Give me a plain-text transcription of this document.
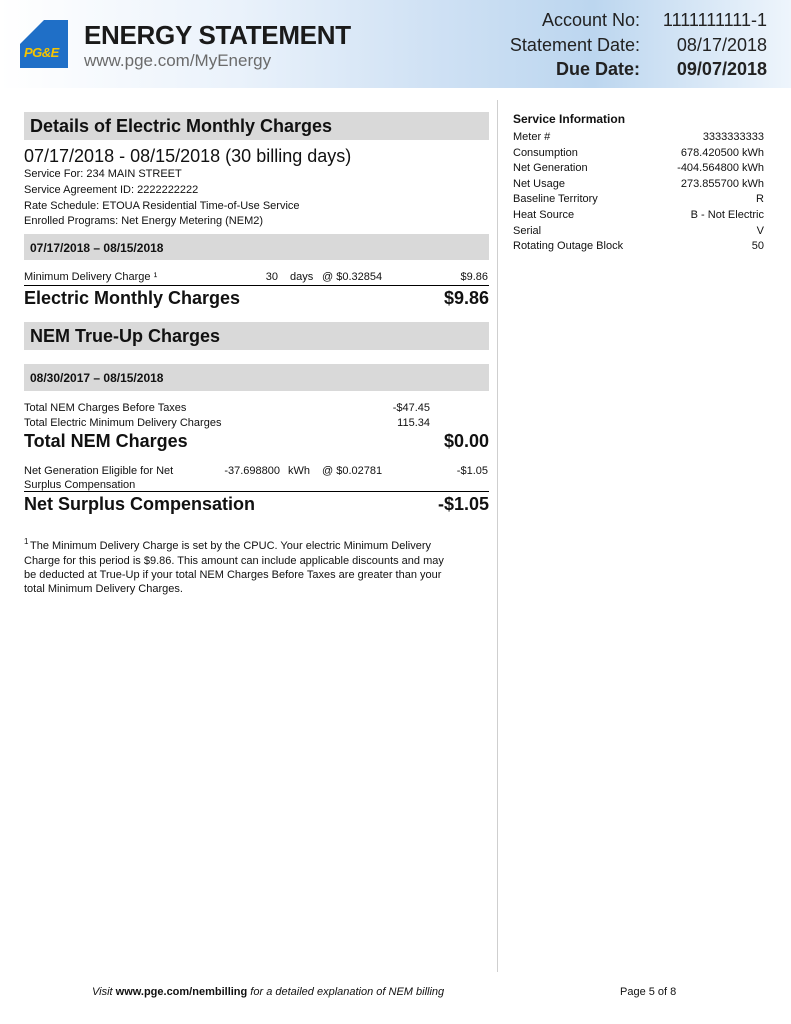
PG&E
ENERGY STATEMENT
www.pge.com/MyEnergy
Account No:	1111111111-1
Statement Date:	08/17/2018
Due Date:	09/07/2018
Details of Electric Monthly Charges
07/17/2018 - 08/15/2018 (30 billing days)
Service For: 234 MAIN STREET
Service Agreement ID: 2222222222
Rate Schedule: ETOUA Residential Time-of-Use Service
Enrolled Programs: Net Energy Metering (NEM2)
07/17/2018 – 08/15/2018
Minimum Delivery Charge ¹	30 days @ $0.32854	$9.86
Electric Monthly Charges	$9.86
NEM True-Up Charges
08/30/2017 – 08/15/2018
Total NEM Charges Before Taxes	-$47.45
Total Electric Minimum Delivery Charges	115.34
Total NEM Charges	$0.00
Net Generation Eligible for Net
Surplus Compensation
-37.698800 kWh @ $0.02781	-$1.05
Net Surplus Compensation	-$1.05
1 The Minimum Delivery Charge is set by the CPUC. Your electric Minimum Delivery
Charge for this period is $9.86. This amount can include applicable discounts and may
be deducted at True-Up if your total NEM Charges Before Taxes are greater than your
total Minimum Delivery Charges.
Service Information
Meter #	3333333333
Consumption	678.420500 kWh
Net Generation	-404.564800 kWh
Net Usage	273.855700 kWh
Baseline Territory	R
Heat Source	B - Not Electric
Serial	V
Rotating Outage Block	50
Visit www.pge.com/nembilling for a detailed explanation of NEM billing	Page 5 of 8
